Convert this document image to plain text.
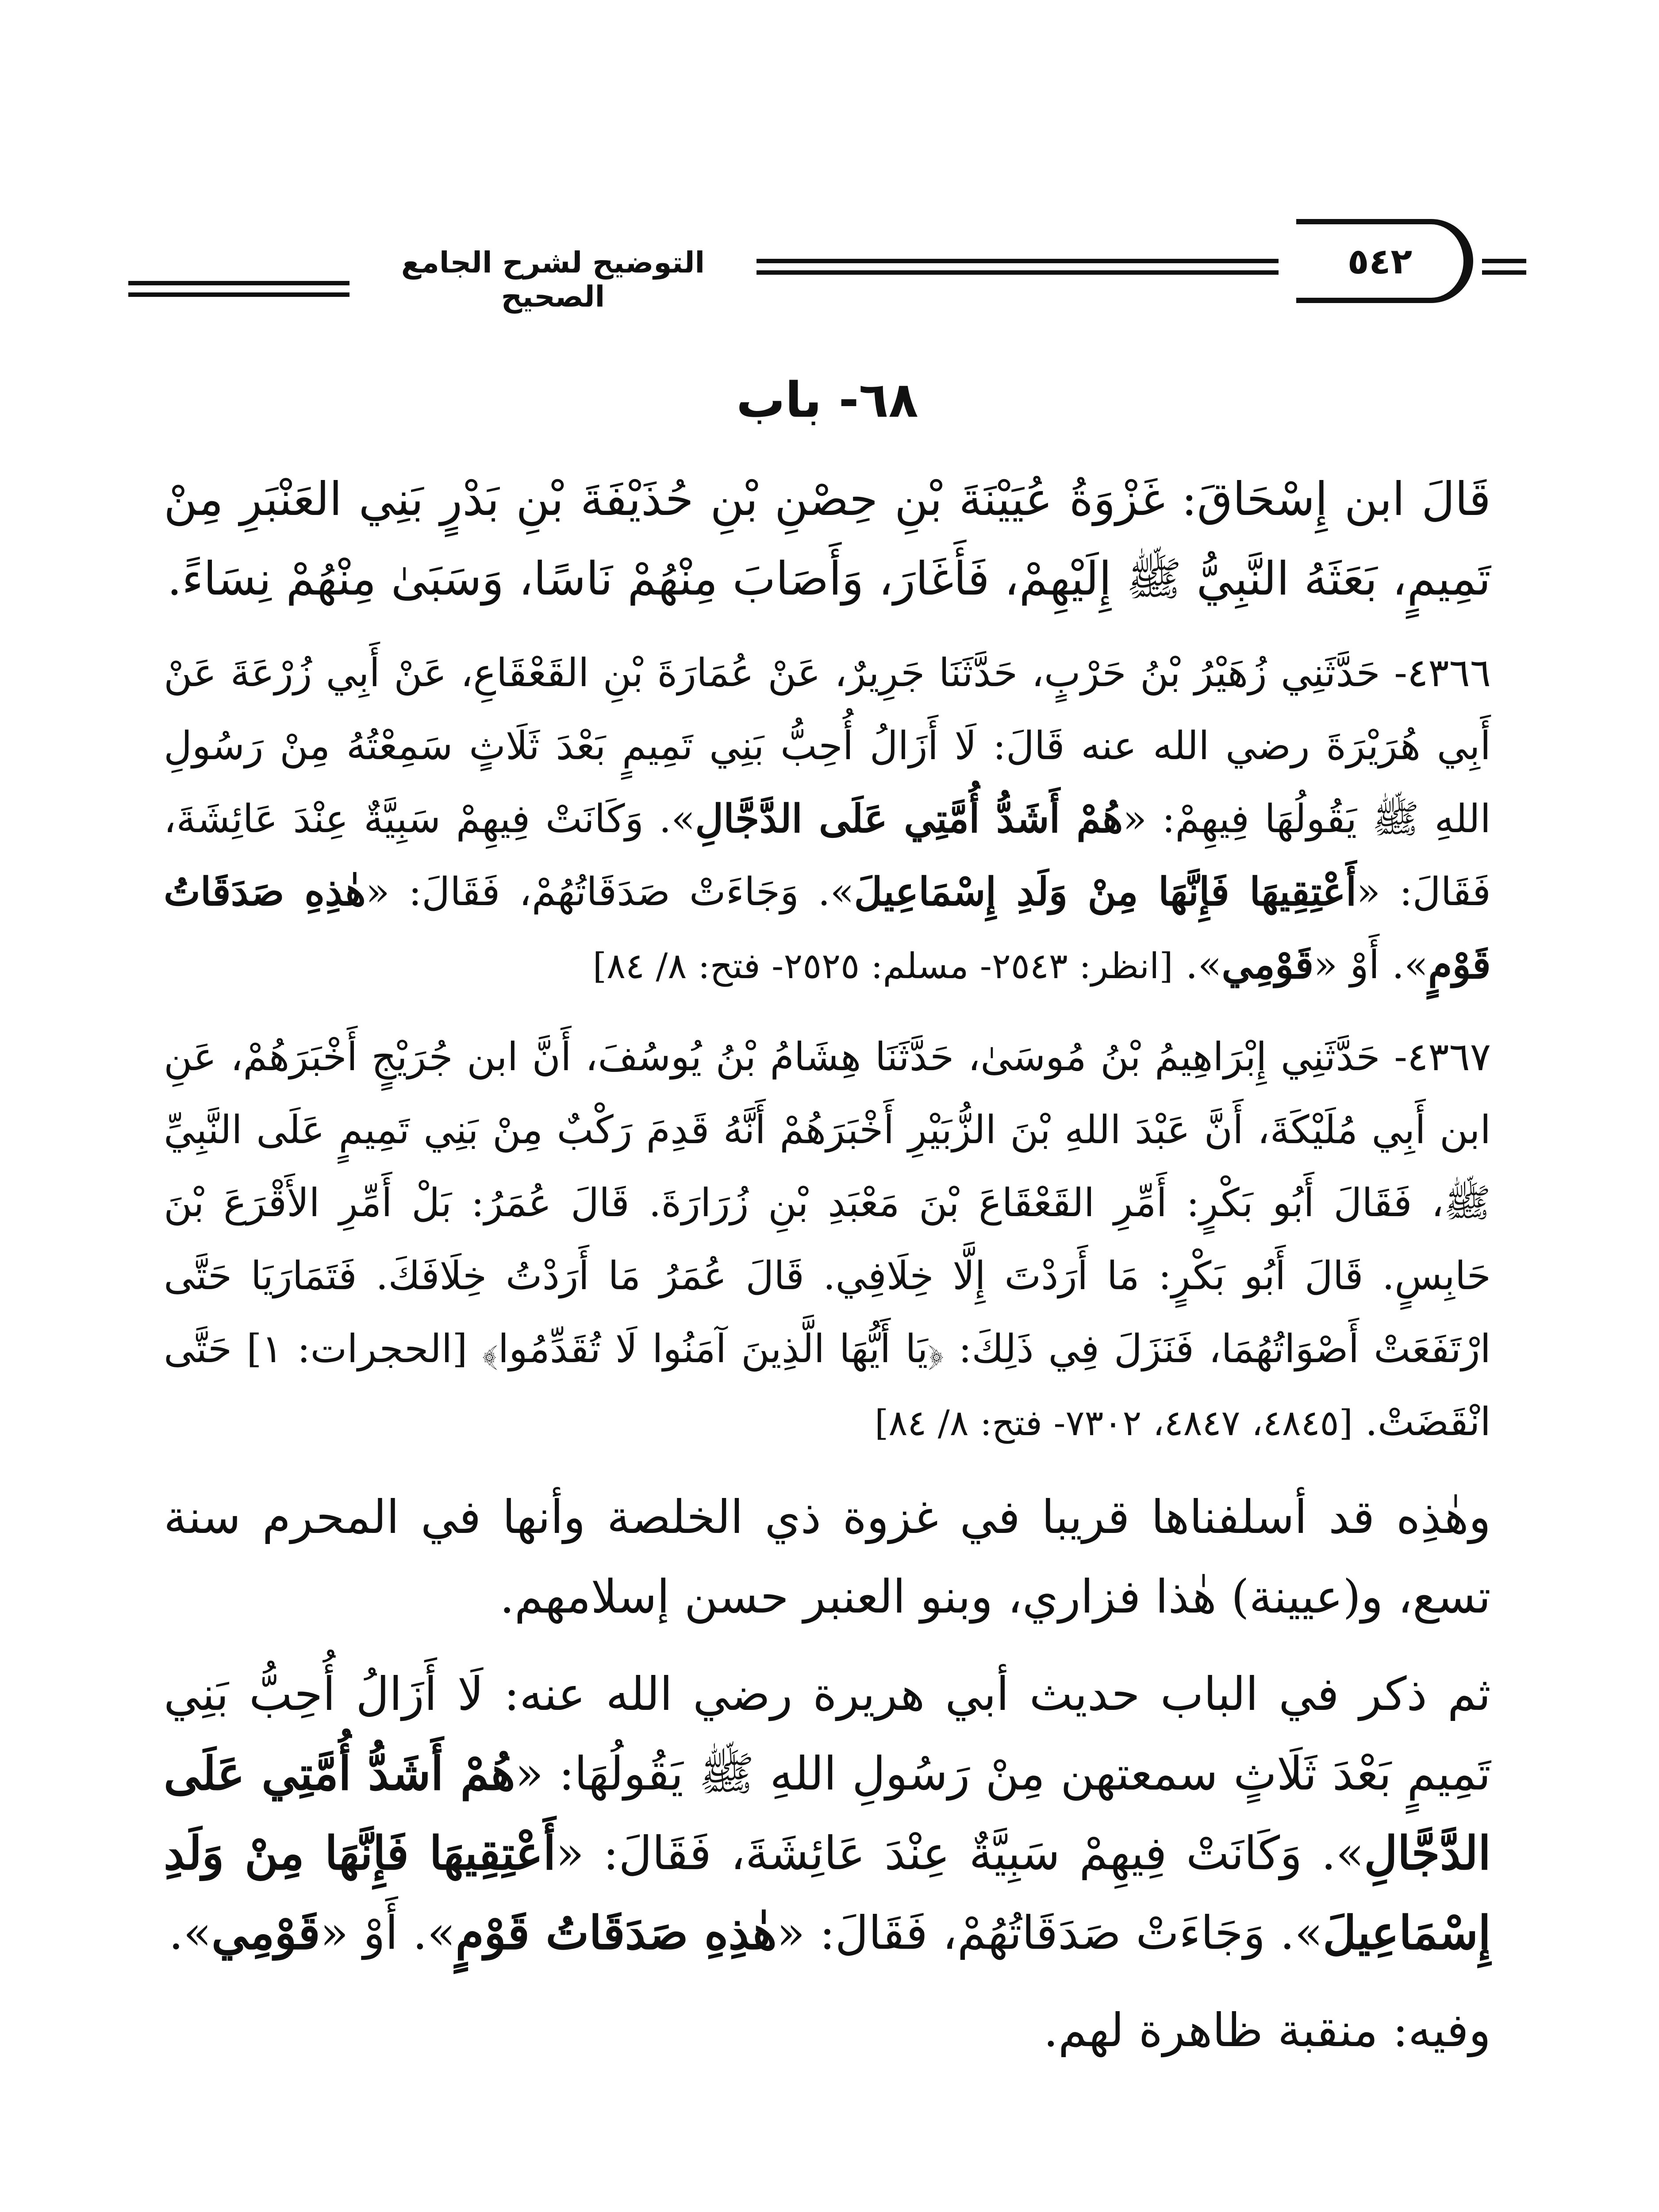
التوضيح لشرح الجامع الصحيح
٥٤٢
٦٨- باب

قَالَ ابن إِسْحَاقَ: غَزْوَةُ عُيَيْنَةَ بْنِ حِصْنِ بْنِ حُذَيْفَةَ بْنِ بَدْرٍ بَنِي العَنْبَرِ مِنْ تَمِيمٍ، بَعَثَهُ النَّبِيُّ ﷺ إِلَيْهِمْ، فَأَغَارَ، وَأَصَابَ مِنْهُمْ نَاسًا، وَسَبَىٰ مِنْهُمْ نِسَاءً.

٤٣٦٦- حَدَّثَنِي زُهَيْرُ بْنُ حَرْبٍ، حَدَّثَنَا جَرِيرٌ، عَنْ عُمَارَةَ بْنِ القَعْقَاعِ، عَنْ أَبِي زُرْعَةَ عَنْ أَبِي هُرَيْرَةَ رضي الله عنه قَالَ: لَا أَزَالُ أُحِبُّ بَنِي تَمِيمٍ بَعْدَ ثَلَاثٍ سَمِعْتُهُ مِنْ رَسُولِ اللهِ ﷺ يَقُولُهَا فِيهِمْ: «هُمْ أَشَدُّ أُمَّتِي عَلَى الدَّجَّالِ». وَكَانَتْ فِيهِمْ سَبِيَّةٌ عِنْدَ عَائِشَةَ، فَقَالَ: «أَعْتِقِيهَا فَإِنَّهَا مِنْ وَلَدِ إِسْمَاعِيلَ». وَجَاءَتْ صَدَقَاتُهُمْ، فَقَالَ: «هٰذِهِ صَدَقَاتُ قَوْمٍ». أَوْ «قَوْمِي». [انظر: ٢٥٤٣- مسلم: ٢٥٢٥- فتح: ٨/ ٨٤]

٤٣٦٧- حَدَّثَنِي إِبْرَاهِيمُ بْنُ مُوسَىٰ، حَدَّثَنَا هِشَامُ بْنُ يُوسُفَ، أَنَّ ابن جُرَيْجٍ أَخْبَرَهُمْ، عَنِ ابن أَبِي مُلَيْكَةَ، أَنَّ عَبْدَ اللهِ بْنَ الزُّبَيْرِ أَخْبَرَهُمْ أَنَّهُ قَدِمَ رَكْبٌ مِنْ بَنِي تَمِيمٍ عَلَى النَّبِيِّ ﷺ، فَقَالَ أَبُو بَكْرٍ: أَمِّرِ القَعْقَاعَ بْنَ مَعْبَدِ بْنِ زُرَارَةَ. قَالَ عُمَرُ: بَلْ أَمِّرِ الأَقْرَعَ بْنَ حَابِسٍ. قَالَ أَبُو بَكْرٍ: مَا أَرَدْتَ إِلَّا خِلَافِي. قَالَ عُمَرُ مَا أَرَدْتُ خِلَافَكَ. فَتَمَارَيَا حَتَّى ارْتَفَعَتْ أَصْوَاتُهُمَا، فَنَزَلَ فِي ذَلِكَ: ﴿يَا أَيُّهَا الَّذِينَ آمَنُوا لَا تُقَدِّمُوا﴾ [الحجرات: ١] حَتَّى انْقَضَتْ. [٤٨٤٥، ٤٨٤٧، ٧٣٠٢- فتح: ٨/ ٨٤]

وهٰذِه قد أسلفناها قريبا في غزوة ذي الخلصة وأنها في المحرم سنة تسع، و(عيينة) هٰذا فزاري، وبنو العنبر حسن إسلامهم.

ثم ذكر في الباب حديث أبي هريرة رضي الله عنه: لَا أَزَالُ أُحِبُّ بَنِي تَمِيمٍ بَعْدَ ثَلَاثٍ سمعتهن مِنْ رَسُولِ اللهِ ﷺ يَقُولُهَا: «هُمْ أَشَدُّ أُمَّتِي عَلَى الدَّجَّالِ». وَكَانَتْ فِيهِمْ سَبِيَّةٌ عِنْدَ عَائِشَةَ، فَقَالَ: «أَعْتِقِيهَا فَإِنَّهَا مِنْ وَلَدِ إِسْمَاعِيلَ». وَجَاءَتْ صَدَقَاتُهُمْ، فَقَالَ: «هٰذِهِ صَدَقَاتُ قَوْمٍ». أَوْ «قَوْمِي».

وفيه: منقبة ظاهرة لهم.
